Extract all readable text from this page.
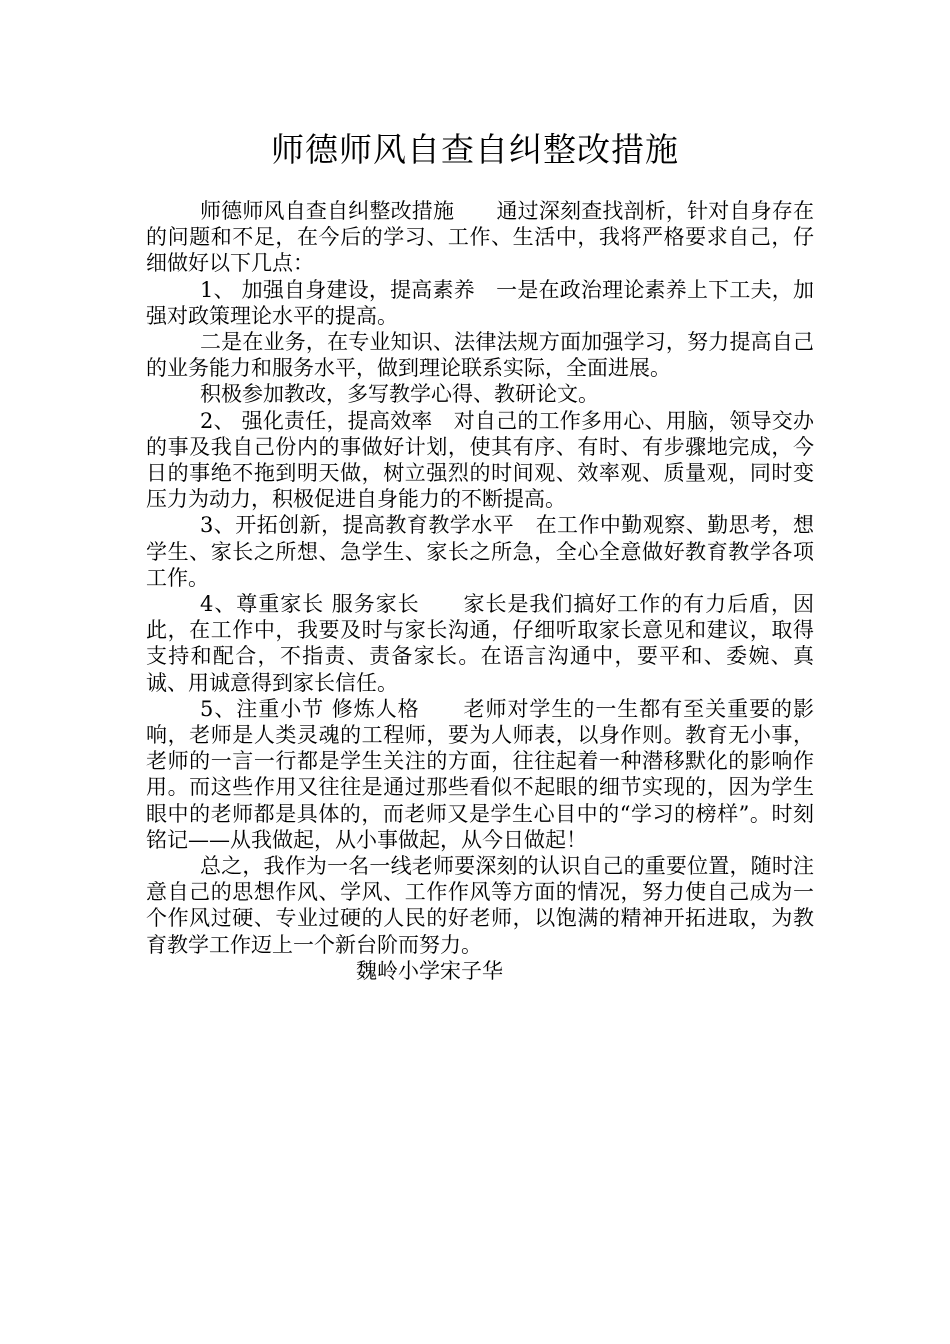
师德师风自查自纠整改措施

师德师风自查自纠整改措施　　通过深刻查找剖析，针对自身存在的问题和不足，在今后的学习、工作、生活中，我将严格要求自己，仔细做好以下几点：

1、 加强自身建设，提高素养　一是在政治理论素养上下工夫，加强对政策理论水平的提高。

二是在业务，在专业知识、法律法规方面加强学习，努力提高自己的业务能力和服务水平，做到理论联系实际，全面进展。

积极参加教改，多写教学心得、教研论文。

2、 强化责任，提高效率　对自己的工作多用心、用脑，领导交办的事及我自己份内的事做好计划，使其有序、有时、有步骤地完成，今日的事绝不拖到明天做，树立强烈的时间观、效率观、质量观，同时变压力为动力，积极促进自身能力的不断提高。

3、开拓创新，提高教育教学水平　在工作中勤观察、勤思考，想学生、家长之所想、急学生、家长之所急，全心全意做好教育教学各项工作。

4、尊重家长 服务家长　　家长是我们搞好工作的有力后盾，因此，在工作中，我要及时与家长沟通，仔细听取家长意见和建议，取得支持和配合，不指责、责备家长。在语言沟通中，要平和、委婉、真诚、用诚意得到家长信任。

5、注重小节 修炼人格　　老师对学生的一生都有至关重要的影响，老师是人类灵魂的工程师，要为人师表，以身作则。教育无小事，老师的一言一行都是学生关注的方面，往往起着一种潜移默化的影响作用。而这些作用又往往是通过那些看似不起眼的细节实现的，因为学生眼中的老师都是具体的，而老师又是学生心目中的“学习的榜样”。时刻铭记——从我做起，从小事做起，从今日做起！

总之，我作为一名一线老师要深刻的认识自己的重要位置，随时注意自己的思想作风、学风、工作作风等方面的情况，努力使自己成为一个作风过硬、专业过硬的人民的好老师，以饱满的精神开拓进取，为教育教学工作迈上一个新台阶而努力。

魏岭小学宋子华
